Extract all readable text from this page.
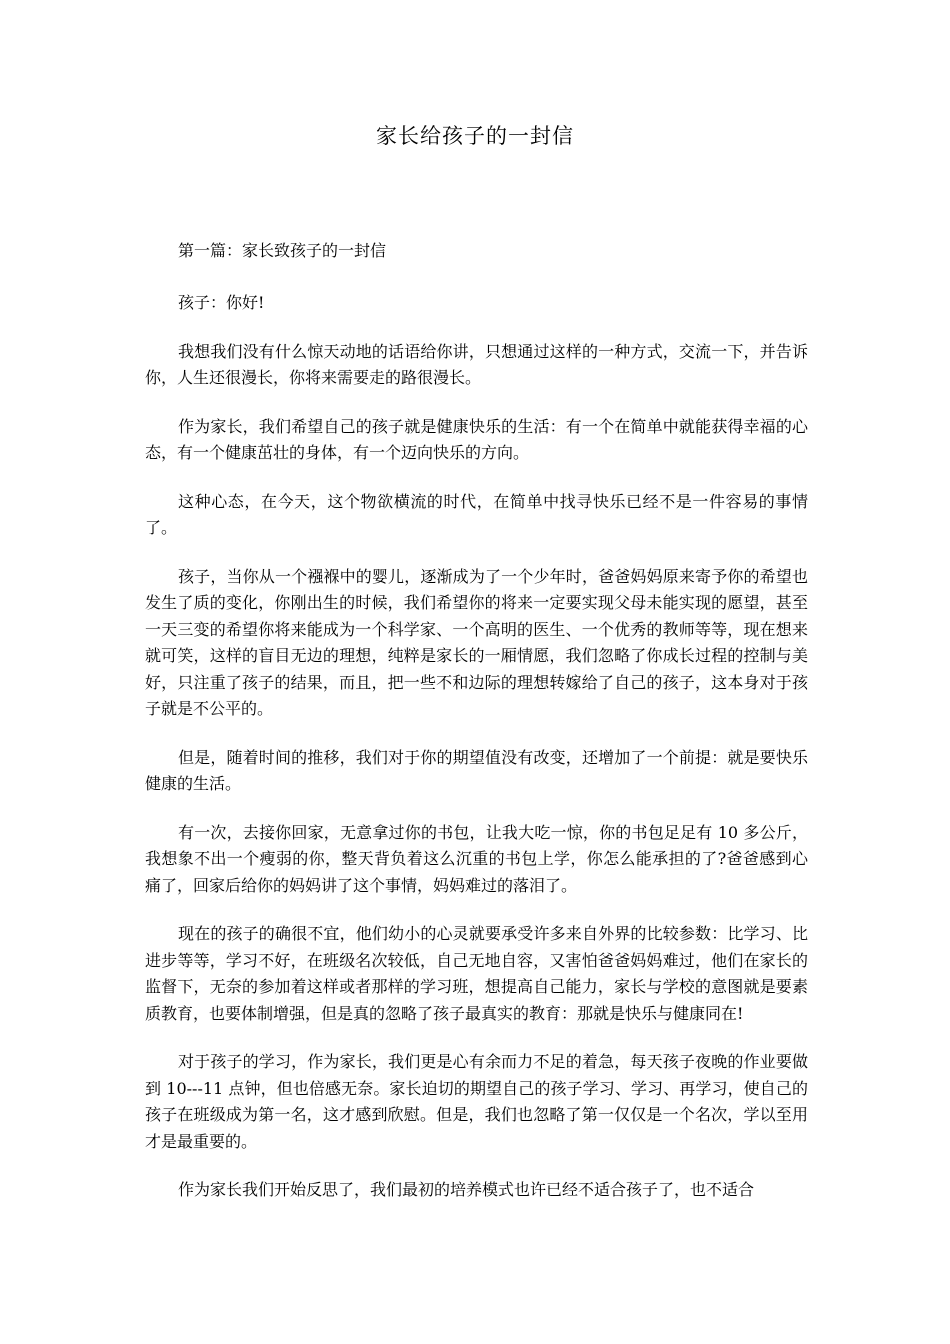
家长给孩子的一封信

第一篇：家长致孩子的一封信

孩子：你好!

我想我们没有什么惊天动地的话语给你讲，只想通过这样的一种方式，交流一下，并告诉你，人生还很漫长，你将来需要走的路很漫长。

作为家长，我们希望自己的孩子就是健康快乐的生活：有一个在简单中就能获得幸福的心态，有一个健康茁壮的身体，有一个迈向快乐的方向。

这种心态，在今天，这个物欲横流的时代，在简单中找寻快乐已经不是一件容易的事情了。

孩子，当你从一个襁褓中的婴儿，逐渐成为了一个少年时，爸爸妈妈原来寄予你的希望也发生了质的变化，你刚出生的时候，我们希望你的将来一定要实现父母未能实现的愿望，甚至一天三变的希望你将来能成为一个科学家、一个高明的医生、一个优秀的教师等等，现在想来就可笑，这样的盲目无边的理想，纯粹是家长的一厢情愿，我们忽略了你成长过程的控制与美好，只注重了孩子的结果，而且，把一些不和边际的理想转嫁给了自己的孩子，这本身对于孩子就是不公平的。

但是，随着时间的推移，我们对于你的期望值没有改变，还增加了一个前提：就是要快乐健康的生活。

有一次，去接你回家，无意拿过你的书包，让我大吃一惊，你的书包足足有 10 多公斤，我想象不出一个瘦弱的你，整天背负着这么沉重的书包上学，你怎么能承担的了?爸爸感到心痛了，回家后给你的妈妈讲了这个事情，妈妈难过的落泪了。

现在的孩子的确很不宜，他们幼小的心灵就要承受许多来自外界的比较参数：比学习、比进步等等，学习不好，在班级名次较低，自己无地自容，又害怕爸爸妈妈难过，他们在家长的监督下，无奈的参加着这样或者那样的学习班，想提高自己能力，家长与学校的意图就是要素质教育，也要体制增强，但是真的忽略了孩子最真实的教育：那就是快乐与健康同在!

对于孩子的学习，作为家长，我们更是心有余而力不足的着急，每天孩子夜晚的作业要做到 10---11 点钟，但也倍感无奈。家长迫切的期望自己的孩子学习、学习、再学习，使自己的孩子在班级成为第一名，这才感到欣慰。但是，我们也忽略了第一仅仅是一个名次，学以至用才是最重要的。

作为家长我们开始反思了，我们最初的培养模式也许已经不适合孩子了，也不适合
